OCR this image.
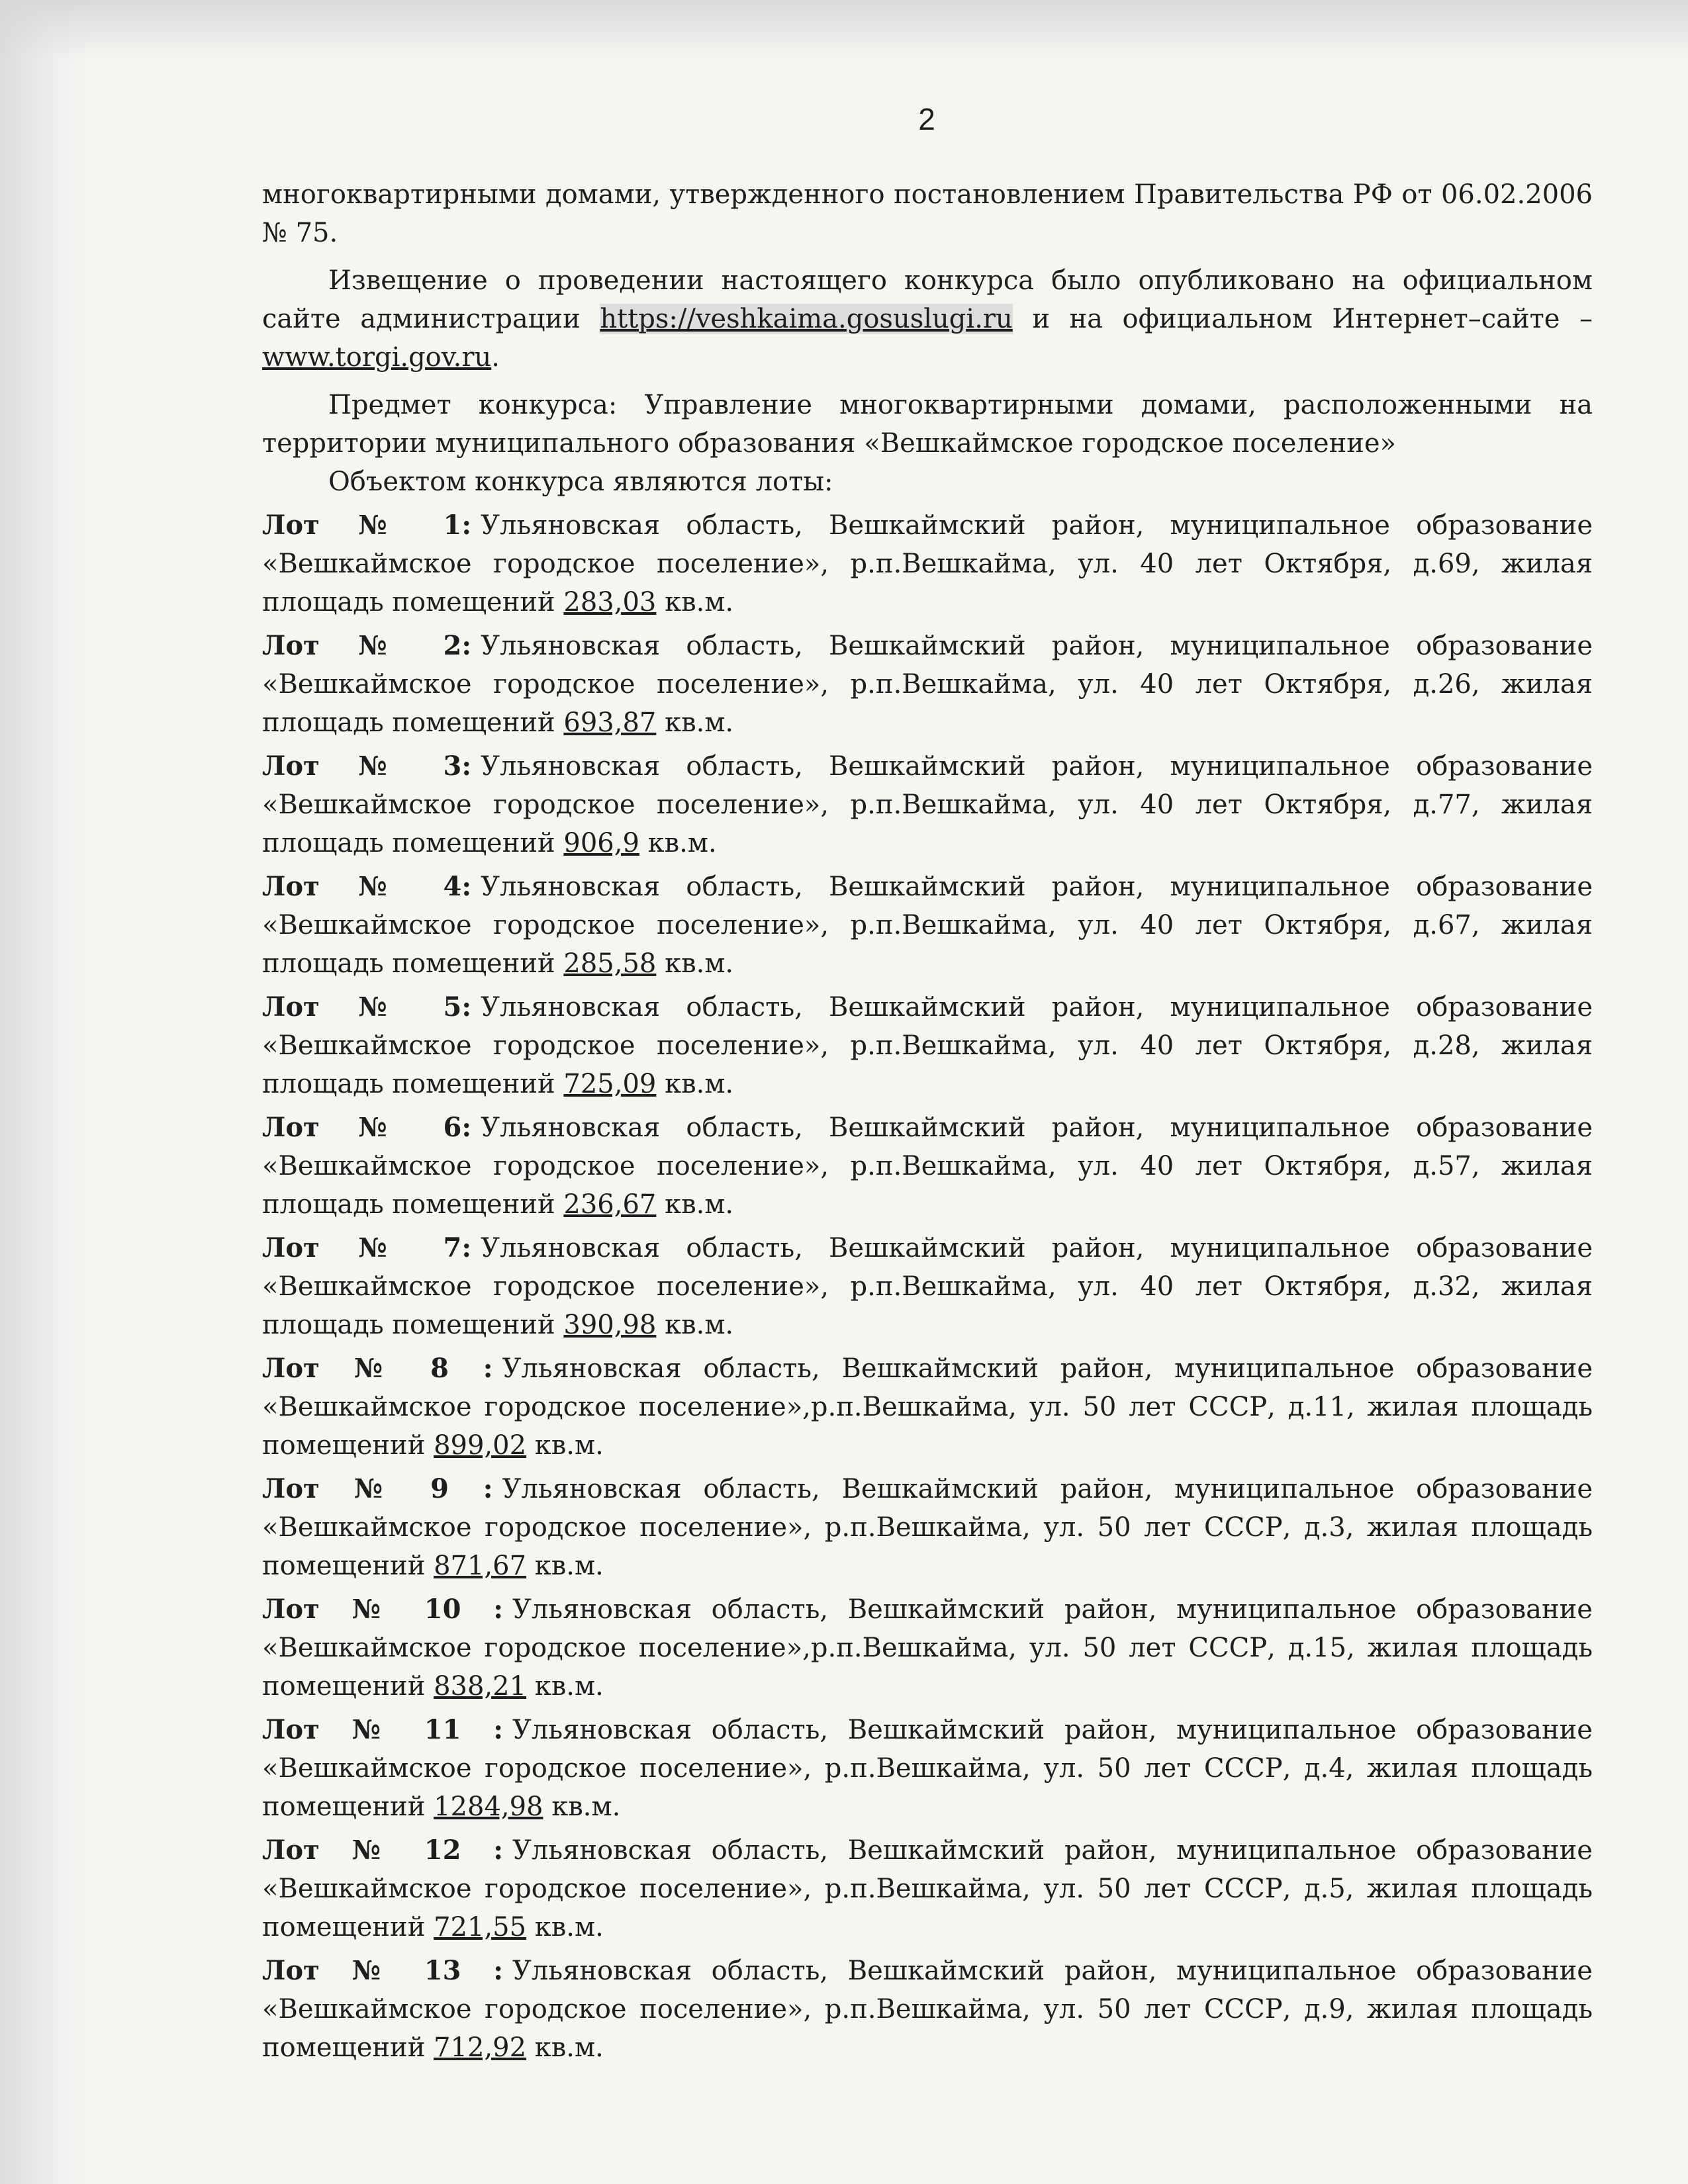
2

многоквартирными домами, утвержденного постановлением Правительства РФ от 06.02.2006 № 75.

Извещение о проведении настоящего конкурса было опубликовано на официальном сайте администрации https://veshkaima.gosuslugi.ru и на официальном Интернет–сайте – www.torgi.gov.ru.

Предмет конкурса: Управление многоквартирными домами, расположенными на территории муниципального образования «Вешкаймское городское поселение»

Объектом конкурса являются лоты:

Лот № 1: Ульяновская область, Вешкаймский район, муниципальное образование «Вешкаймское городское поселение», р.п.Вешкайма, ул. 40 лет Октября, д.69, жилая площадь помещений 283,03 кв.м.

Лот № 2: Ульяновская область, Вешкаймский район, муниципальное образование «Вешкаймское городское поселение», р.п.Вешкайма, ул. 40 лет Октября, д.26, жилая площадь помещений 693,87 кв.м.

Лот № 3: Ульяновская область, Вешкаймский район, муниципальное образование «Вешкаймское городское поселение», р.п.Вешкайма, ул. 40 лет Октября, д.77, жилая площадь помещений 906,9 кв.м.

Лот № 4: Ульяновская область, Вешкаймский район, муниципальное образование «Вешкаймское городское поселение», р.п.Вешкайма, ул. 40 лет Октября, д.67, жилая площадь помещений 285,58 кв.м.

Лот № 5: Ульяновская область, Вешкаймский район, муниципальное образование «Вешкаймское городское поселение», р.п.Вешкайма, ул. 40 лет Октября, д.28, жилая площадь помещений 725,09 кв.м.

Лот № 6: Ульяновская область, Вешкаймский район, муниципальное образование «Вешкаймское городское поселение», р.п.Вешкайма, ул. 40 лет Октября, д.57, жилая площадь помещений 236,67 кв.м.

Лот № 7: Ульяновская область, Вешкаймский район, муниципальное образование «Вешкаймское городское поселение», р.п.Вешкайма, ул. 40 лет Октября, д.32, жилая площадь помещений 390,98 кв.м.

Лот № 8 : Ульяновская область, Вешкаймский район, муниципальное образование «Вешкаймское городское поселение»,р.п.Вешкайма, ул. 50 лет СССР, д.11, жилая площадь помещений 899,02 кв.м.

Лот № 9 : Ульяновская область, Вешкаймский район, муниципальное образование «Вешкаймское городское поселение», р.п.Вешкайма, ул. 50 лет СССР, д.3, жилая площадь помещений 871,67 кв.м.

Лот № 10 : Ульяновская область, Вешкаймский район, муниципальное образование «Вешкаймское городское поселение»,р.п.Вешкайма, ул. 50 лет СССР, д.15, жилая площадь помещений 838,21 кв.м.

Лот № 11 : Ульяновская область, Вешкаймский район, муниципальное образование «Вешкаймское городское поселение», р.п.Вешкайма, ул. 50 лет СССР, д.4, жилая площадь помещений 1284,98 кв.м.

Лот № 12 : Ульяновская область, Вешкаймский район, муниципальное образование «Вешкаймское городское поселение», р.п.Вешкайма, ул. 50 лет СССР, д.5, жилая площадь помещений 721,55 кв.м.

Лот № 13 : Ульяновская область, Вешкаймский район, муниципальное образование «Вешкаймское городское поселение», р.п.Вешкайма, ул. 50 лет СССР, д.9, жилая площадь помещений 712,92 кв.м.
